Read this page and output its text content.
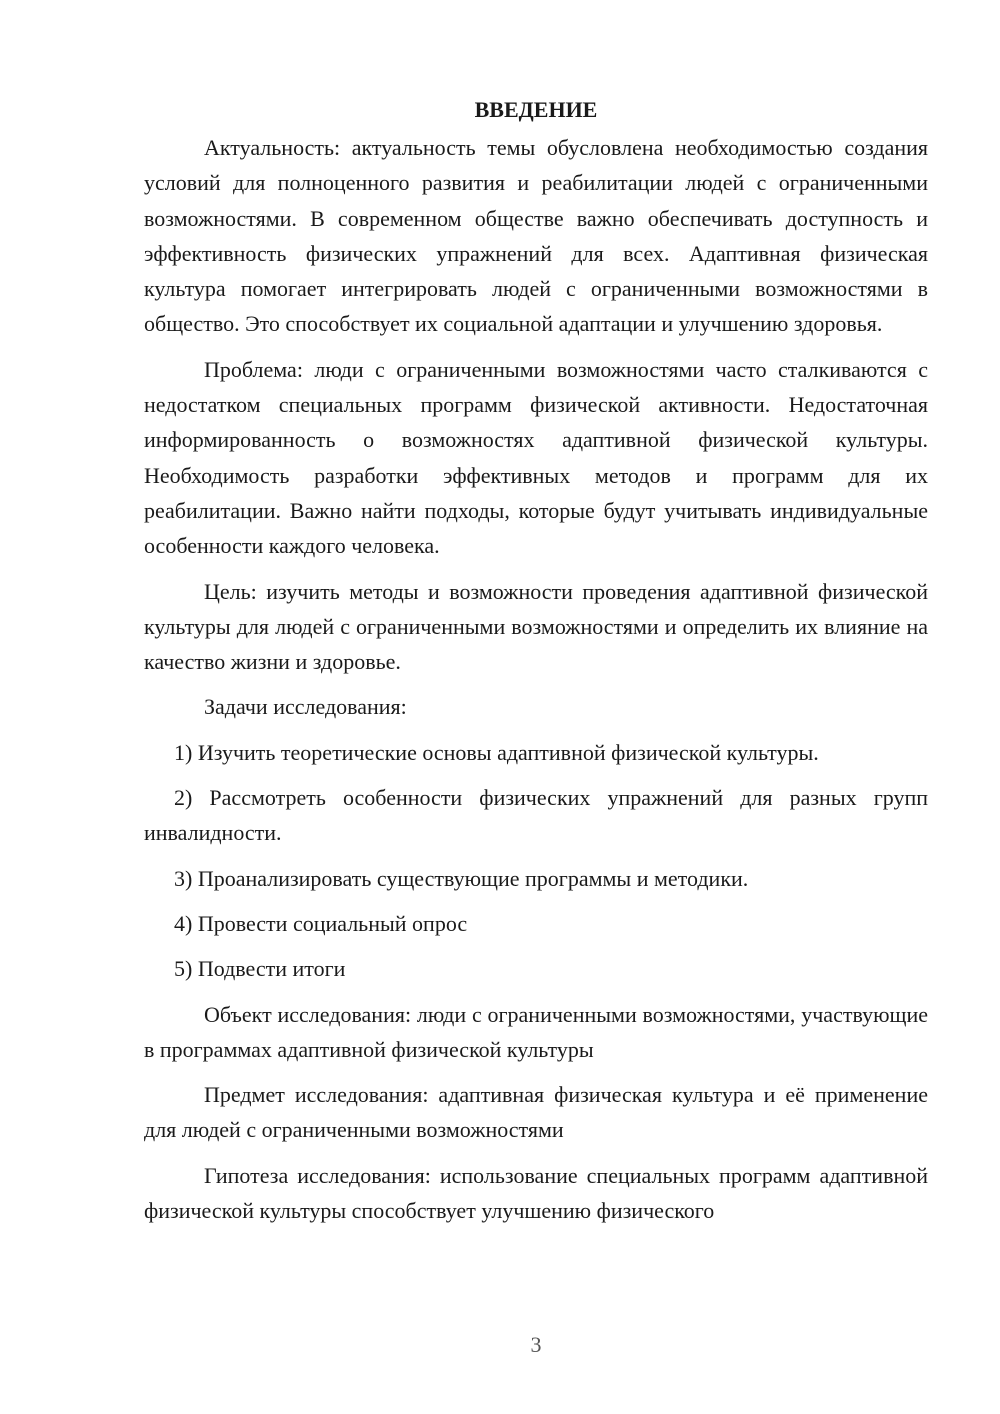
ВВЕДЕНИЕ

Актуальность: актуальность темы обусловлена необходимостью создания условий для полноценного развития и реабилитации людей с ограниченными возможностями. В современном обществе важно обеспечивать доступность и эффективность физических упражнений для всех. Адаптивная физическая культура помогает интегрировать людей с ограниченными возможностями в общество. Это способствует их социальной адаптации и улучшению здоровья.

Проблема: люди с ограниченными возможностями часто сталкиваются с недостатком специальных программ физической активности. Недостаточная информированность о возможностях адаптивной физической культуры. Необходимость разработки эффективных методов и программ для их реабилитации. Важно найти подходы, которые будут учитывать индивидуальные особенности каждого человека.

Цель: изучить методы и возможности проведения адаптивной физической культуры для людей с ограниченными возможностями и определить их влияние на качество жизни и здоровье.

Задачи исследования:

1) Изучить теоретические основы адаптивной физической культуры.

2) Рассмотреть особенности физических упражнений для разных групп инвалидности.

3) Проанализировать существующие программы и методики.

4) Провести социальный опрос

5) Подвести итоги

Объект исследования: люди с ограниченными возможностями, участвующие в программах адаптивной физической культуры

Предмет исследования: адаптивная физическая культура и её применение для людей с ограниченными возможностями

Гипотеза исследования: использование специальных программ адаптивной физической культуры способствует улучшению физического

3
